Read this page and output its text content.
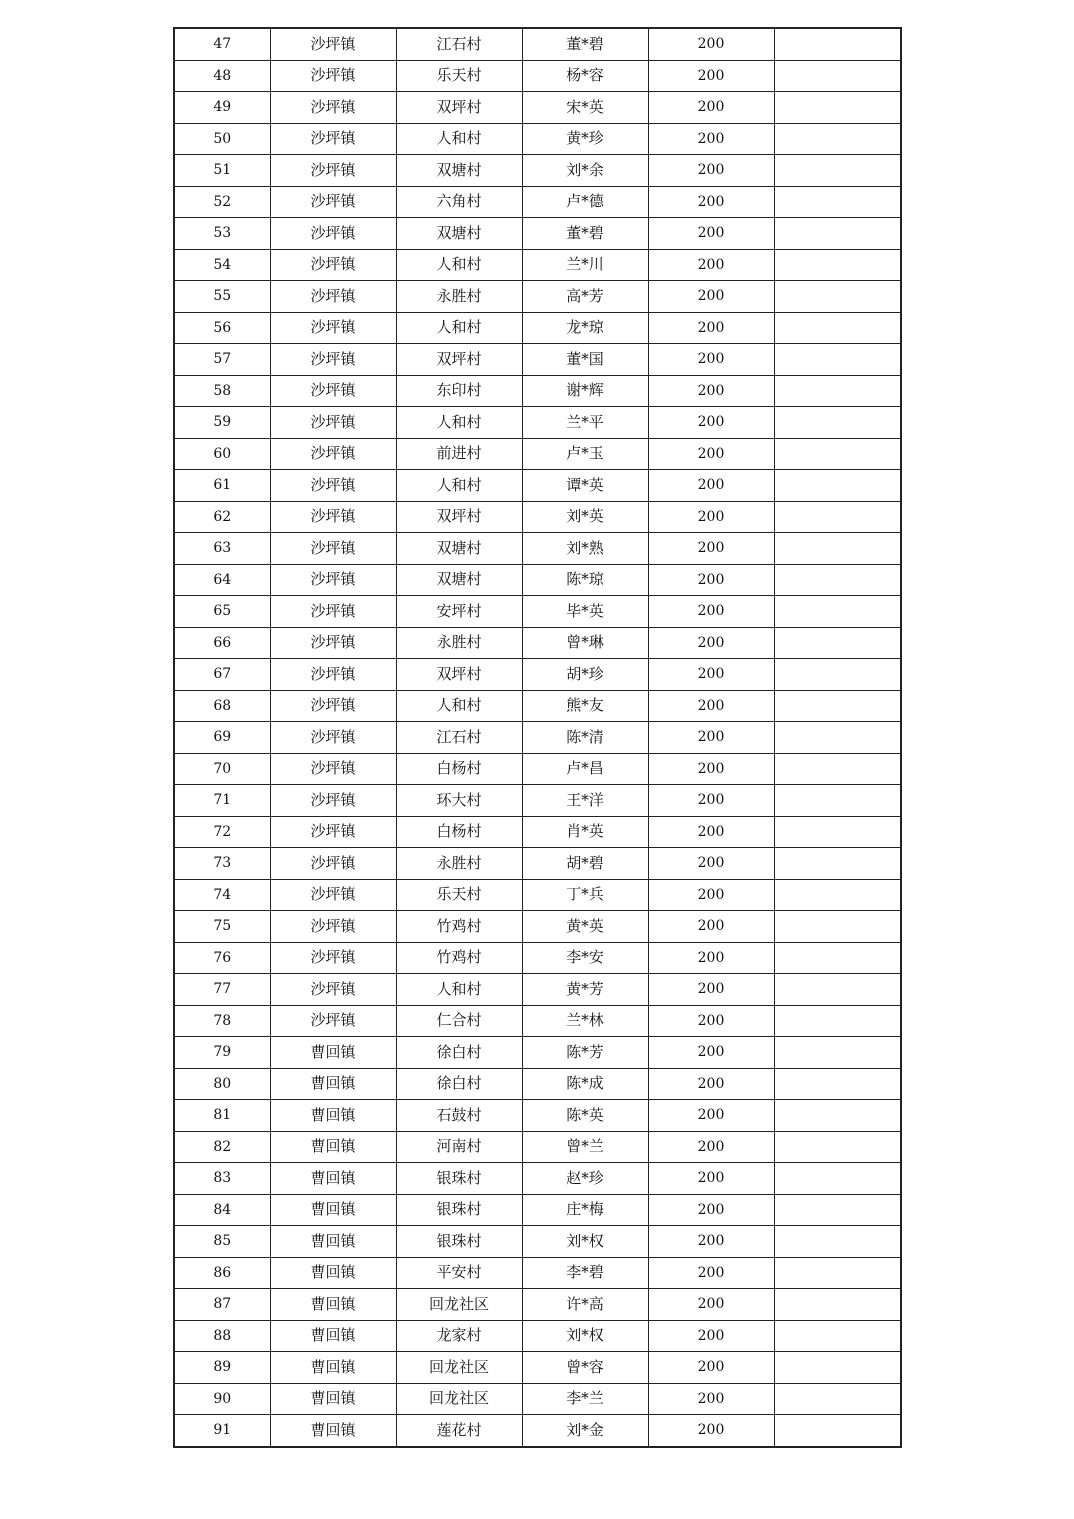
47	沙坪镇	江石村	董*碧	200	
48	沙坪镇	乐天村	杨*容	200	
49	沙坪镇	双坪村	宋*英	200	
50	沙坪镇	人和村	黄*珍	200	
51	沙坪镇	双塘村	刘*余	200	
52	沙坪镇	六角村	卢*德	200	
53	沙坪镇	双塘村	董*碧	200	
54	沙坪镇	人和村	兰*川	200	
55	沙坪镇	永胜村	高*芳	200	
56	沙坪镇	人和村	龙*琼	200	
57	沙坪镇	双坪村	董*国	200	
58	沙坪镇	东印村	谢*辉	200	
59	沙坪镇	人和村	兰*平	200	
60	沙坪镇	前进村	卢*玉	200	
61	沙坪镇	人和村	谭*英	200	
62	沙坪镇	双坪村	刘*英	200	
63	沙坪镇	双塘村	刘*熟	200	
64	沙坪镇	双塘村	陈*琼	200	
65	沙坪镇	安坪村	毕*英	200	
66	沙坪镇	永胜村	曾*琳	200	
67	沙坪镇	双坪村	胡*珍	200	
68	沙坪镇	人和村	熊*友	200	
69	沙坪镇	江石村	陈*清	200	
70	沙坪镇	白杨村	卢*昌	200	
71	沙坪镇	环大村	王*洋	200	
72	沙坪镇	白杨村	肖*英	200	
73	沙坪镇	永胜村	胡*碧	200	
74	沙坪镇	乐天村	丁*兵	200	
75	沙坪镇	竹鸡村	黄*英	200	
76	沙坪镇	竹鸡村	李*安	200	
77	沙坪镇	人和村	黄*芳	200	
78	沙坪镇	仁合村	兰*林	200	
79	曹回镇	徐白村	陈*芳	200	
80	曹回镇	徐白村	陈*成	200	
81	曹回镇	石鼓村	陈*英	200	
82	曹回镇	河南村	曾*兰	200	
83	曹回镇	银珠村	赵*珍	200	
84	曹回镇	银珠村	庄*梅	200	
85	曹回镇	银珠村	刘*权	200	
86	曹回镇	平安村	李*碧	200	
87	曹回镇	回龙社区	许*高	200	
88	曹回镇	龙家村	刘*权	200	
89	曹回镇	回龙社区	曾*容	200	
90	曹回镇	回龙社区	李*兰	200	
91	曹回镇	莲花村	刘*金	200	
